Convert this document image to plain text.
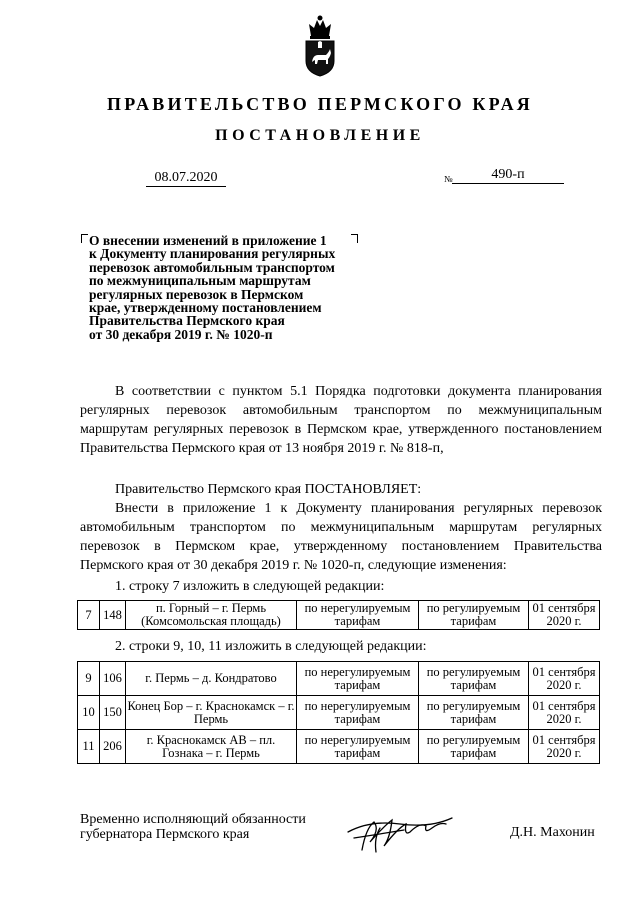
ПРАВИТЕЛЬСТВО ПЕРМСКОГО КРАЯ
ПОСТАНОВЛЕНИЕ
08.07.2020	№	490-п
О внесении изменений в приложение 1
к Документу планирования регулярных
перевозок автомобильным транспортом
по межмуниципальным маршрутам
регулярных перевозок в Пермском
крае, утвержденному постановлением
Правительства Пермского края
от 30 декабря 2019 г. № 1020-п
В соответствии с пунктом 5.1 Порядка подготовки документа планирования регулярных перевозок автомобильным транспортом по межмуниципальным маршрутам регулярных перевозок в Пермском крае, утвержденного постановлением Правительства Пермского края от 13 ноября 2019 г. № 818-п,
Правительство Пермского края ПОСТАНОВЛЯЕТ:
Внести в приложение 1 к Документу планирования регулярных перевозок автомобильным транспортом по межмуниципальным маршрутам регулярных перевозок в Пермском крае, утвержденному постановлением Правительства Пермского края от 30 декабря 2019 г. № 1020-п, следующие изменения:
1. строку 7 изложить в следующей редакции:
7	148	п. Горный – г. Пермь (Комсомольская площадь)	по нерегулируемым тарифам	по регулируемым тарифам	01 сентября 2020 г.
2. строки 9, 10, 11 изложить в следующей редакции:
9	106	г. Пермь – д. Кондратово	по нерегулируемым тарифам	по регулируемым тарифам	01 сентября 2020 г.
10	150	Конец Бор – г. Краснокамск – г. Пермь	по нерегулируемым тарифам	по регулируемым тарифам	01 сентября 2020 г.
11	206	г. Краснокамск АВ – пл. Гознака – г. Пермь	по нерегулируемым тарифам	по регулируемым тарифам	01 сентября 2020 г.
Временно исполняющий обязанности
губернатора Пермского края	Д.Н. Махонин
